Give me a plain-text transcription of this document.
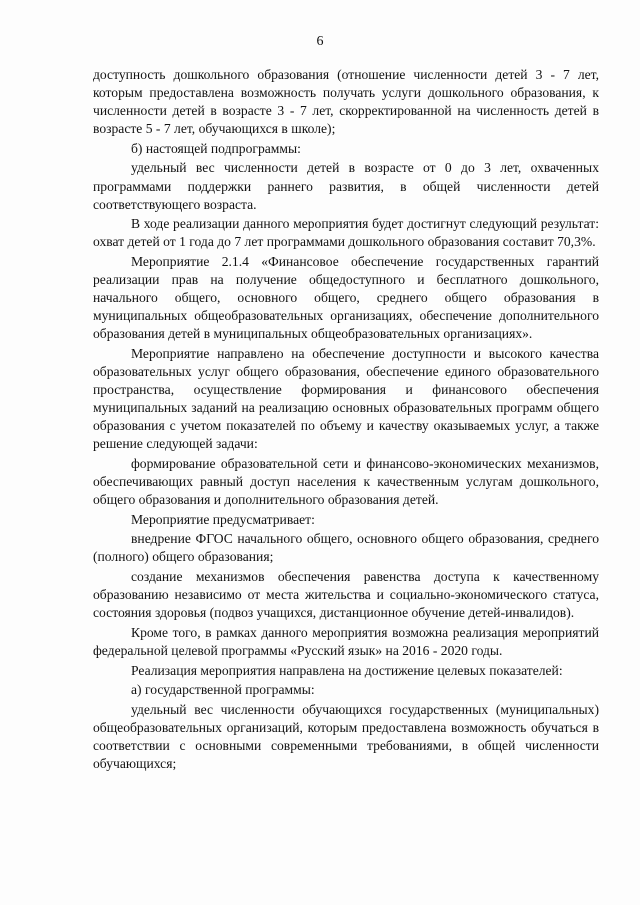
6

доступность дошкольного образования (отношение численности детей 3 - 7 лет, которым предоставлена возможность получать услуги дошкольного образования, к численности детей в возрасте 3 - 7 лет, скорректированной на численность детей в возрасте 5 - 7 лет, обучающихся в школе);

б) настоящей подпрограммы:

удельный вес численности детей в возрасте от 0 до 3 лет, охваченных программами поддержки раннего развития, в общей численности детей соответствующего возраста.

В ходе реализации данного мероприятия будет достигнут следующий результат: охват детей от 1 года до 7 лет программами дошкольного образования составит 70,3%.

Мероприятие 2.1.4 «Финансовое обеспечение государственных гарантий реализации прав на получение общедоступного и бесплатного дошкольного, начального общего, основного общего, среднего общего образования в муниципальных общеобразовательных организациях, обеспечение дополнительного образования детей в муниципальных общеобразовательных организациях».

Мероприятие направлено на обеспечение доступности и высокого качества образовательных услуг общего образования, обеспечение единого образовательного пространства, осуществление формирования и финансового обеспечения муниципальных заданий на реализацию основных образовательных программ общего образования с учетом показателей по объему и качеству оказываемых услуг, а также решение следующей задачи:

формирование образовательной сети и финансово-экономических механизмов, обеспечивающих равный доступ населения к качественным услугам дошкольного, общего образования и дополнительного образования детей.

Мероприятие предусматривает:

внедрение ФГОС начального общего, основного общего образования, среднего (полного) общего образования;

создание механизмов обеспечения равенства доступа к качественному образованию независимо от места жительства и социально-экономического статуса, состояния здоровья (подвоз учащихся, дистанционное обучение детей-инвалидов).

Кроме того, в рамках данного мероприятия возможна реализация мероприятий федеральной целевой программы «Русский язык» на 2016 - 2020 годы.

Реализация мероприятия направлена на достижение целевых показателей:

а) государственной программы:

удельный вес численности обучающихся государственных (муниципальных) общеобразовательных организаций, которым предоставлена возможность обучаться в соответствии с основными современными требованиями, в общей численности обучающихся;
